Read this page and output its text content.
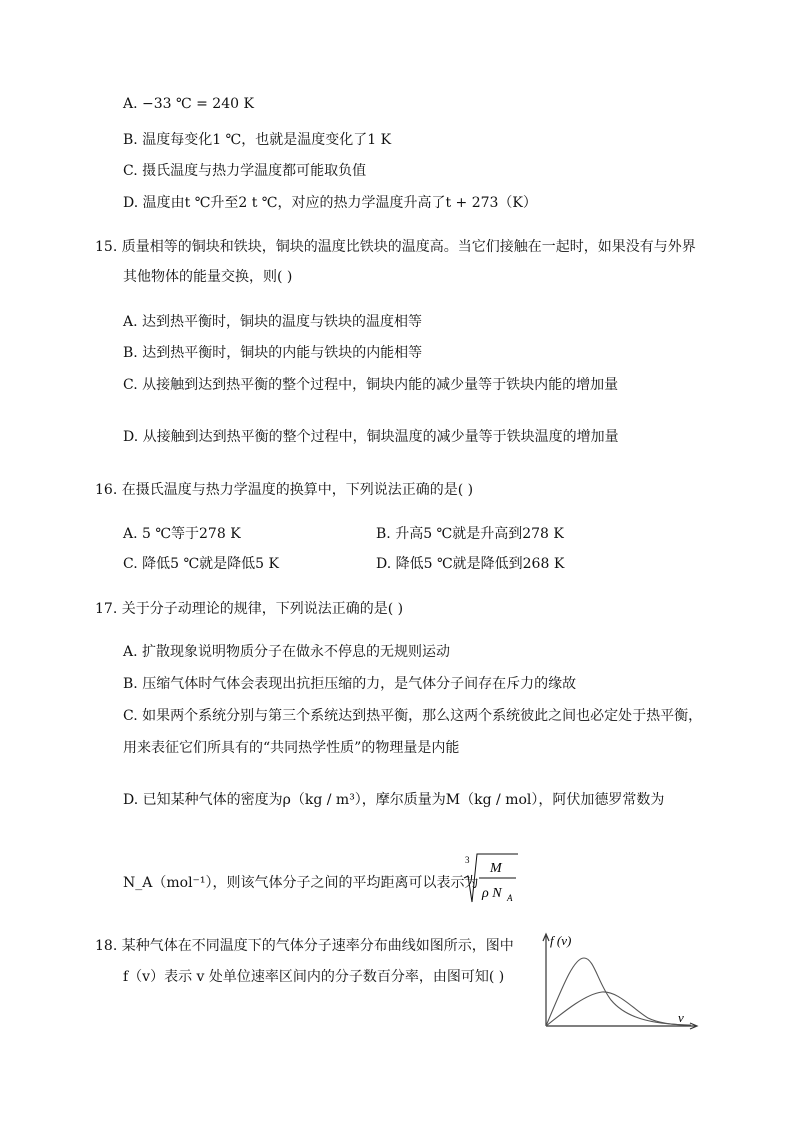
A. −33 ℃ = 240 K
B. 温度每变化1 ℃，也就是温度变化了1 K
C. 摄氏温度与热力学温度都可能取负值
D. 温度由t ℃升至2 t ℃，对应的热力学温度升高了t + 273（K）
15. 质量相等的铜块和铁块，铜块的温度比铁块的温度高。当它们接触在一起时，如果没有与外界
其他物体的能量交换，则( )
A. 达到热平衡时，铜块的温度与铁块的温度相等
B. 达到热平衡时，铜块的内能与铁块的内能相等
C. 从接触到达到热平衡的整个过程中，铜块内能的减少量等于铁块内能的增加量
D. 从接触到达到热平衡的整个过程中，铜块温度的减少量等于铁块温度的增加量
16. 在摄氏温度与热力学温度的换算中，下列说法正确的是( )
A. 5 ℃等于278 K	B. 升高5 ℃就是升高到278 K
C. 降低5 ℃就是降低5 K	D. 降低5 ℃就是降低到268 K
17. 关于分子动理论的规律，下列说法正确的是( )
A. 扩散现象说明物质分子在做永不停息的无规则运动
B. 压缩气体时气体会表现出抗拒压缩的力，是气体分子间存在斥力的缘故
C. 如果两个系统分别与第三个系统达到热平衡，那么这两个系统彼此之间也必定处于热平衡，
用来表征它们所具有的“共同热学性质”的物理量是内能
D. 已知某种气体的密度为ρ（kg / m³），摩尔质量为M（kg / mol），阿伏加德罗常数为
N_A（mol⁻¹），则该气体分子之间的平均距离可以表示为
3
M
ρ N A
18. 某种气体在不同温度下的气体分子速率分布曲线如图所示，图中
f（v）表示 v 处单位速率区间内的分子数百分率，由图可知( )
f (v)
v
